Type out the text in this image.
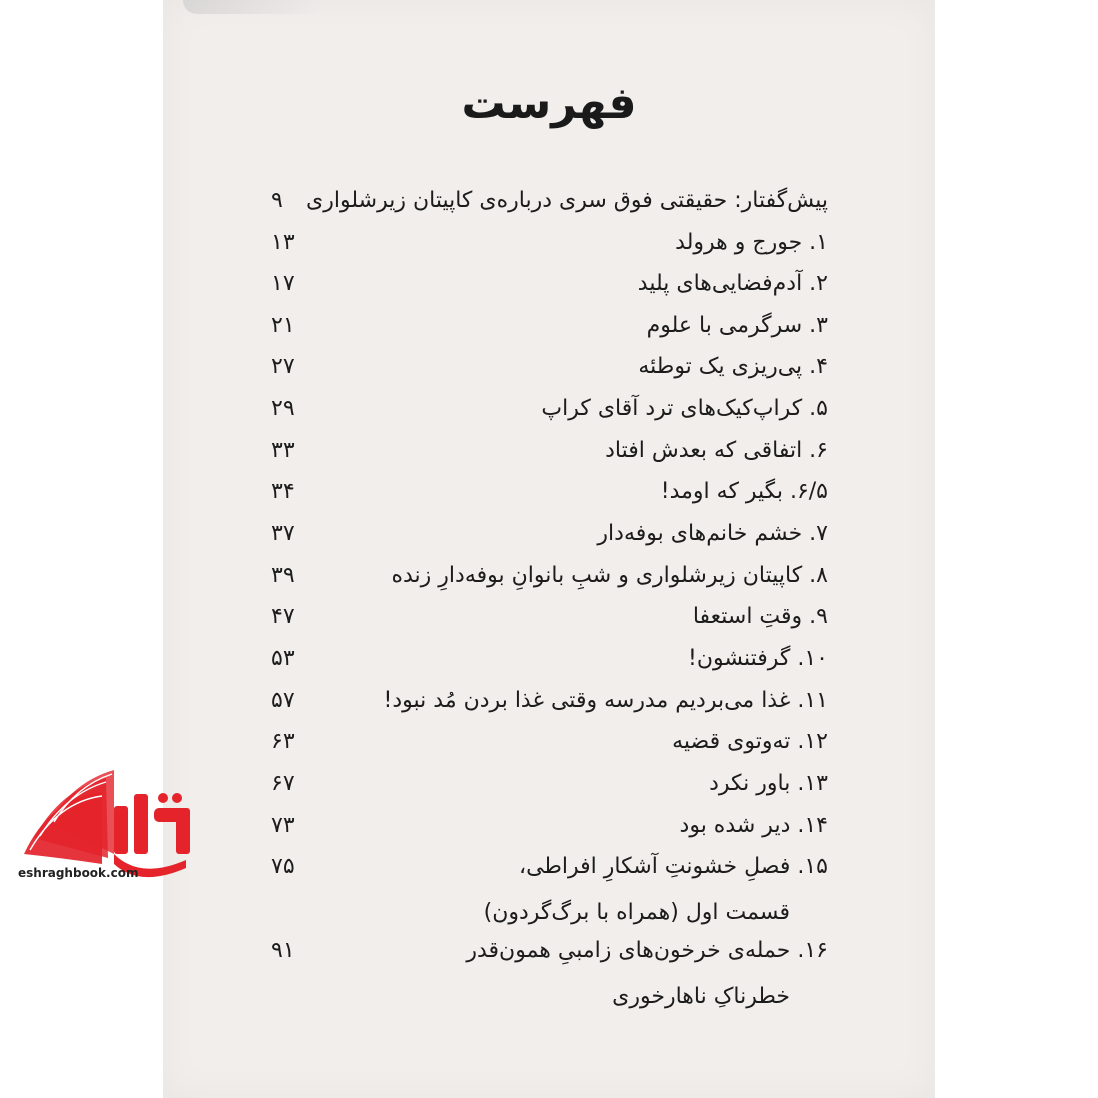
فهرست
پیش‌گفتار: حقیقتی فوق سری درباره‌ی کاپیتان زیرشلواری
۹
۱. جورج و هرولد
۱۳
۲. آدم‌فضایی‌های پلید
۱۷
۳. سرگرمی با علوم
۲۱
۴. پی‌ریزی یک توطئه
۲۷
۵. کراپ‌کیک‌های ترد آقای کراپ
۲۹
۶. اتفاقی که بعدش افتاد
۳۳
۶/۵. بگیر که اومد!
۳۴
۷. خشم خانم‌های بوفه‌دار
۳۷
۸. کاپیتان زیرشلواری و شبِ بانوانِ بوفه‌دارِ زنده
۳۹
۹. وقتِ استعفا
۴۷
۱۰. گرفتنشون!
۵۳
۱۱. غذا می‌بردیم مدرسه وقتی غذا بردن مُد نبود!
۵۷
۱۲. ته‌وتوی قضیه
۶۳
۱۳. باور نکرد
۶۷
۱۴. دیر شده بود
۷۳
۱۵. فصلِ خشونتِ آشکارِ افراطی،
قسمت اول (همراه با برگ‌گردون)
۷۵
۱۶. حمله‌ی خرخون‌های زامبیِ همون‌قدر
خطرناکِ ناهارخوری
۹۱
eshraghbook.com
